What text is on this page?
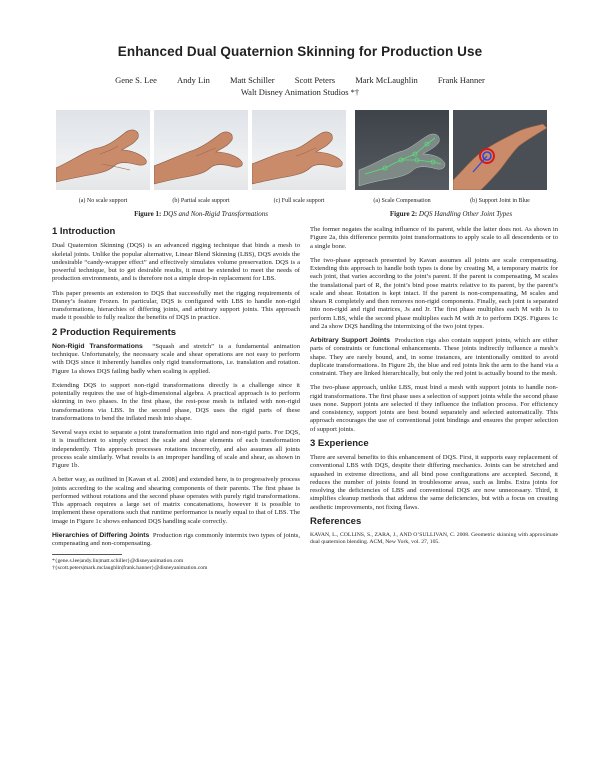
Enhanced Dual Quaternion Skinning for Production Use
Gene S. Lee Andy Lin Matt Schiller Scott Peters Mark McLaughlin Frank Hanner
Walt Disney Animation Studios *†
(a) No scale support	(b) Partial scale support	(c) Full scale support	(a) Scale Compensation	(b) Support Joint in Blue
Figure 1: DQS and Non-Rigid Transformations	Figure 2: DQS Handling Other Joint Types
1 Introduction

Dual Quaternion Skinning (DQS) is an advanced rigging technique that binds a mesh to skeletal joints. Unlike the popular alternative, Linear Blend Skinning (LBS), DQS avoids the undesirable “candy-wrapper effect” and effectively simulates volume preservation. DQS is a powerful technique, but to get desirable results, it must be extended to meet the needs of production environments, and is therefore not a simple drop-in replacement for LBS.

This paper presents an extension to DQS that successfully met the rigging requirements of Disney’s feature Frozen. In particular, DQS is configured with LBS to handle non-rigid transformations, hierarchies of differing joints, and arbitrary support joints. This approach made it possible to fully realize the benefits of DQS in practice.

2 Production Requirements

Non-Rigid Transformations “Squash and stretch” is a fundamental animation technique. Unfortunately, the necessary scale and shear operations are not easy to perform with DQS since it inherently handles only rigid transformations, i.e. translation and rotation. Figure 1a shows DQS failing badly when scaling is applied.

Extending DQS to support non-rigid transformations directly is a challenge since it potentially requires the use of high-dimensional algebra. A practical approach is to perform skinning in two phases. In the first phase, the rest-pose mesh is inflated with non-rigid transformations via LBS. In the second phase, DQS uses the rigid parts of these transformations to bend the inflated mesh into shape.

Several ways exist to separate a joint transformation into rigid and non-rigid parts. For DQS, it is insufficient to simply extract the scale and shear elements of each transformation independently. This approach processes rotations incorrectly, and also assumes all joints process scale similarly. What results is an improper handling of scale and shear, as shown in Figure 1b.

A better way, as outlined in [Kavan et al. 2008] and extended here, is to progressively process joints according to the scaling and shearing components of their parents. The first phase is performed without rotations and the second phase operates with purely rigid transformations. This approach requires a large set of matrix concatenations, however it is possible to implement these operations such that runtime performance is nearly equal to that of LBS. The image in Figure 1c shows enhanced DQS handling scale correctly.

Hierarchies of Differing Joints Production rigs commonly intermix two types of joints, compensating and non-compensating.

*{gene.s.lee|andy.lin|matt.schiller}@disneyanimation.com
†{scott.peters|mark.mclaughlin|frank.hanner}@disneyanimation.com

The former negates the scaling influence of its parent, while the latter does not. As shown in Figure 2a, this difference permits joint transformations to apply scale to all descendents or to a single bone.

The two-phase approach presented by Kavan assumes all joints are scale compensating. Extending this approach to handle both types is done by creating M, a temporary matrix for each joint, that varies according to the joint’s parent. If the parent is compensating, M scales the translational part of R, the joint’s bind pose matrix relative to its parent, by the parent’s scale and shear. Rotation is kept intact. If the parent is non-compensating, M scales and shears R completely and then removes non-rigid components. Finally, each joint is separated into non-rigid and rigid matrices, Js and Jr. The first phase multiplies each M with Js to perform LBS, while the second phase multiplies each M with Jr to perform DQS. Figures 1c and 2a show DQS handling the intermixing of the two joint types.

Arbitrary Support Joints Production rigs also contain support joints, which are either parts of constraints or functional enhancements. These joints indirectly influence a mesh’s shape. They are rarely bound, and, in some instances, are intentionally omitted to avoid duplicate transformations. In Figure 2b, the blue and red joints link the arm to the hand via a constraint. They are linked hierarchically, but only the red joint is actually bound to the mesh.

The two-phase approach, unlike LBS, must bind a mesh with support joints to handle non-rigid transformations. The first phase uses a selection of support joints while the second phase uses none. Support joints are selected if they influence the inflation process. For efficiency and consistency, support joints are best bound separately and selected automatically. This approach encourages the use of conventional joint bindings and ensures the proper selection of support joints.

3 Experience

There are several benefits to this enhancement of DQS. First, it supports easy replacement of conventional LBS with DQS, despite their differing mechanics. Joints can be stretched and squashed in extreme directions, and all bind pose configurations are accepted. Second, it reduces the number of joints found in troublesome areas, such as limbs. Extra joints for resolving the deficiencies of LBS and conventional DQS are now unnecessary. Third, it simplifies cleanup methods that address the same deficiencies, but with a focus on creating aesthetic improvements, not fixing flaws.

References
KAVAN, L., COLLINS, S., ZARA, J., AND O’SULLIVAN, C. 2008. Geometric skinning with approximate dual quaternion blending. ACM, New York, vol. 27, 105.
